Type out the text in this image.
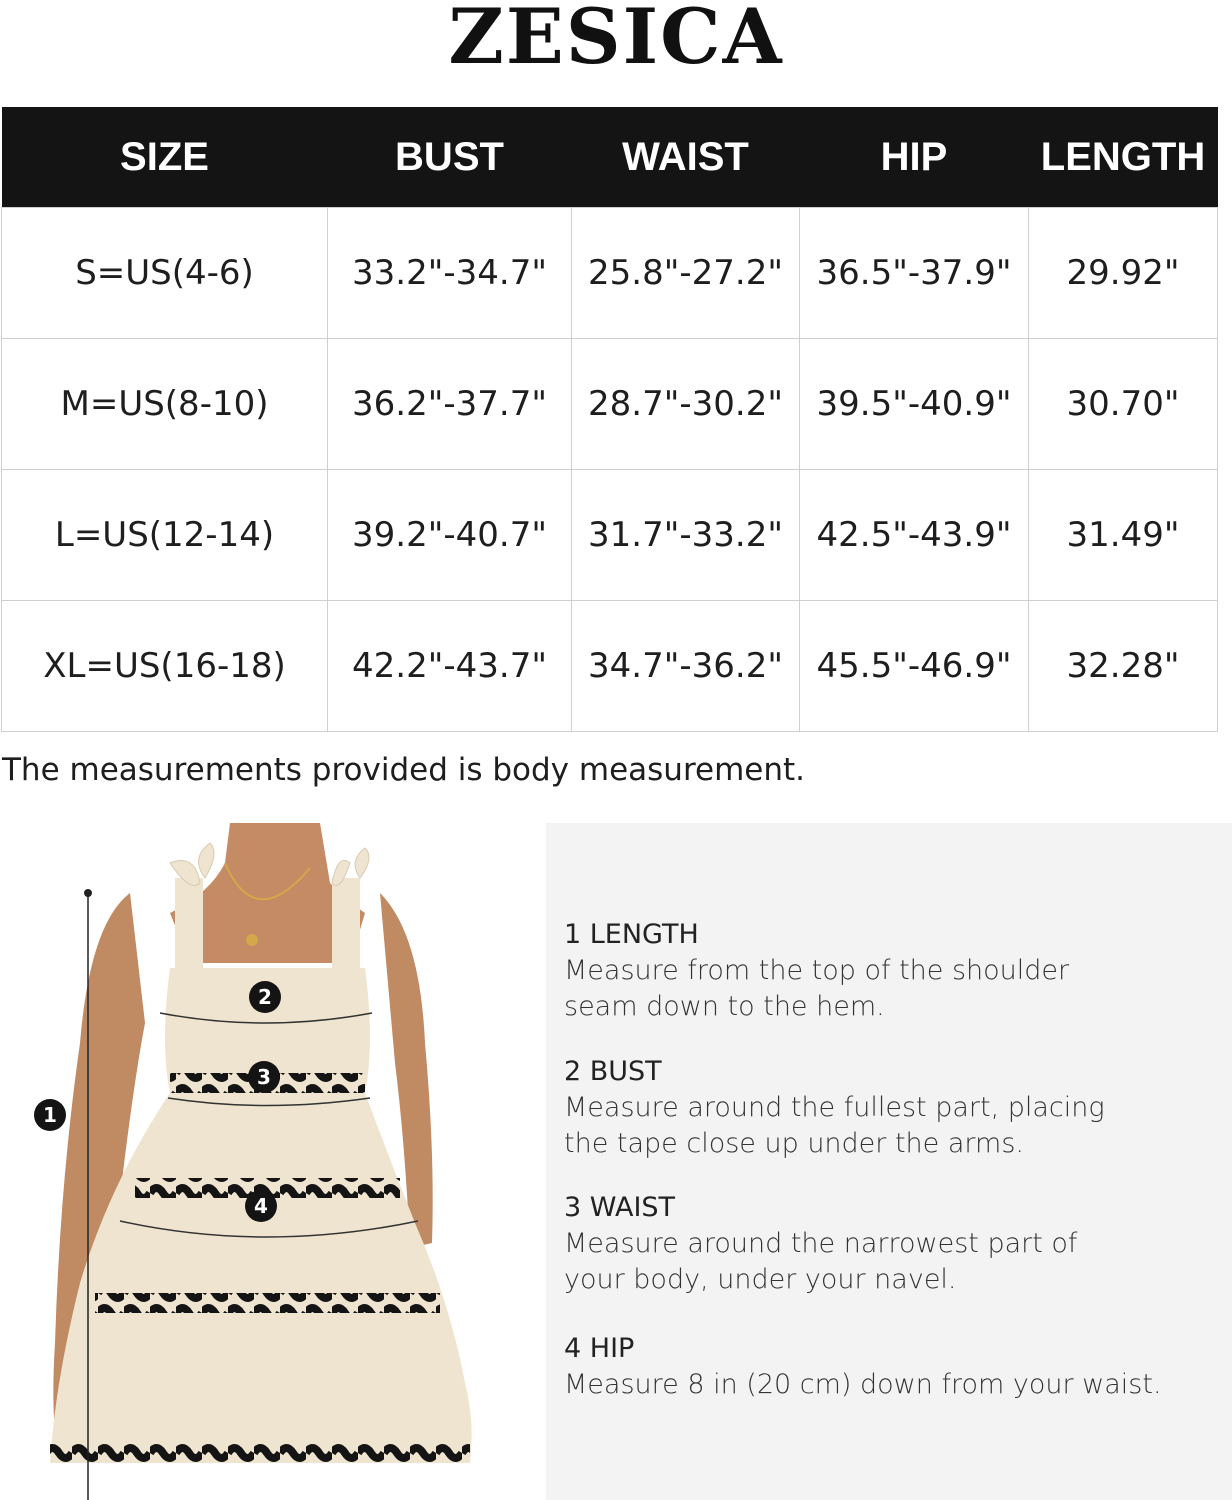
ZESICA
SIZE	BUST	WAIST	HIP	LENGTH
S=US(4-6)	33.2"-34.7"	25.8"-27.2"	36.5"-37.9"	29.92"
M=US(8-10)	36.2"-37.7"	28.7"-30.2"	39.5"-40.9"	30.70"
L=US(12-14)	39.2"-40.7"	31.7"-33.2"	42.5"-43.9"	31.49"
XL=US(16-18)	42.2"-43.7"	34.7"-36.2"	45.5"-46.9"	32.28"
The measurements provided is body measurement.
1
2
3
4
1 LENGTH

Measure from the top of the shoulder

seam down to the hem.

2 BUST

Measure around the fullest part, placing

the tape close up under the arms.

3 WAIST

Measure around the narrowest part of

your body, under your navel.

4 HIP

Measure 8 in (20 cm) down from your waist.
